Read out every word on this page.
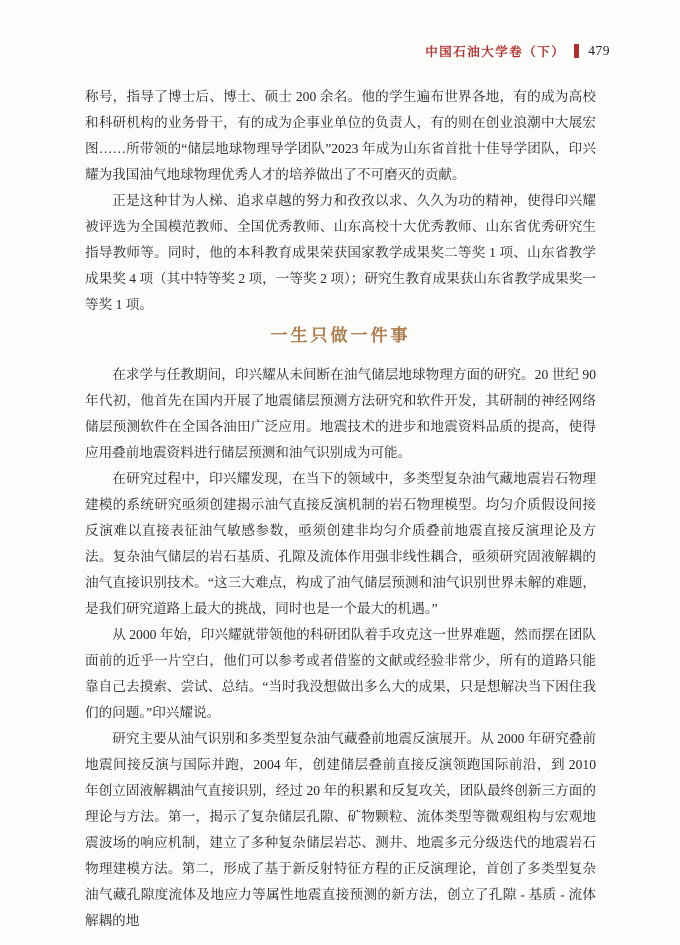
中国石油大学卷（下） 479

称号，指导了博士后、博士、硕士 200 余名。他的学生遍布世界各地，有的成为高校和科研机构的业务骨干，有的成为企事业单位的负责人，有的则在创业浪潮中大展宏图……所带领的“储层地球物理导学团队”2023 年成为山东省首批十佳导学团队，印兴耀为我国油气地球物理优秀人才的培养做出了不可磨灭的贡献。

正是这种甘为人梯、追求卓越的努力和孜孜以求、久久为功的精神，使得印兴耀被评选为全国模范教师、全国优秀教师、山东高校十大优秀教师、山东省优秀研究生指导教师等。同时，他的本科教育成果荣获国家教学成果奖二等奖 1 项、山东省教学成果奖 4 项（其中特等奖 2 项，一等奖 2 项）；研究生教育成果获山东省教学成果奖一等奖 1 项。

一生只做一件事

在求学与任教期间，印兴耀从未间断在油气储层地球物理方面的研究。20 世纪 90 年代初，他首先在国内开展了地震储层预测方法研究和软件开发，其研制的神经网络储层预测软件在全国各油田广泛应用。地震技术的进步和地震资料品质的提高，使得应用叠前地震资料进行储层预测和油气识别成为可能。

在研究过程中，印兴耀发现，在当下的领域中，多类型复杂油气藏地震岩石物理建模的系统研究亟须创建揭示油气直接反演机制的岩石物理模型。均匀介质假设间接反演难以直接表征油气敏感参数，亟须创建非均匀介质叠前地震直接反演理论及方法。复杂油气储层的岩石基质、孔隙及流体作用强非线性耦合，亟须研究固液解耦的油气直接识别技术。“这三大难点，构成了油气储层预测和油气识别世界未解的难题，是我们研究道路上最大的挑战，同时也是一个最大的机遇。”

从 2000 年始，印兴耀就带领他的科研团队着手攻克这一世界难题，然而摆在团队面前的近乎一片空白，他们可以参考或者借鉴的文献或经验非常少，所有的道路只能靠自己去摸索、尝试、总结。“当时我没想做出多么大的成果，只是想解决当下困住我们的问题。”印兴耀说。

研究主要从油气识别和多类型复杂油气藏叠前地震反演展开。从 2000 年研究叠前地震间接反演与国际并跑，2004 年，创建储层叠前直接反演领跑国际前沿，到 2010 年创立固液解耦油气直接识别，经过 20 年的积累和反复攻关，团队最终创新三方面的理论与方法。第一，揭示了复杂储层孔隙、矿物颗粒、流体类型等微观组构与宏观地震波场的响应机制，建立了多种复杂储层岩芯、测井、地震多元分级迭代的地震岩石物理建模方法。第二，形成了基于新反射特征方程的正反演理论，首创了多类型复杂油气藏孔隙度流体及地应力等属性地震直接预测的新方法，创立了孔隙 - 基质 - 流体解耦的地
